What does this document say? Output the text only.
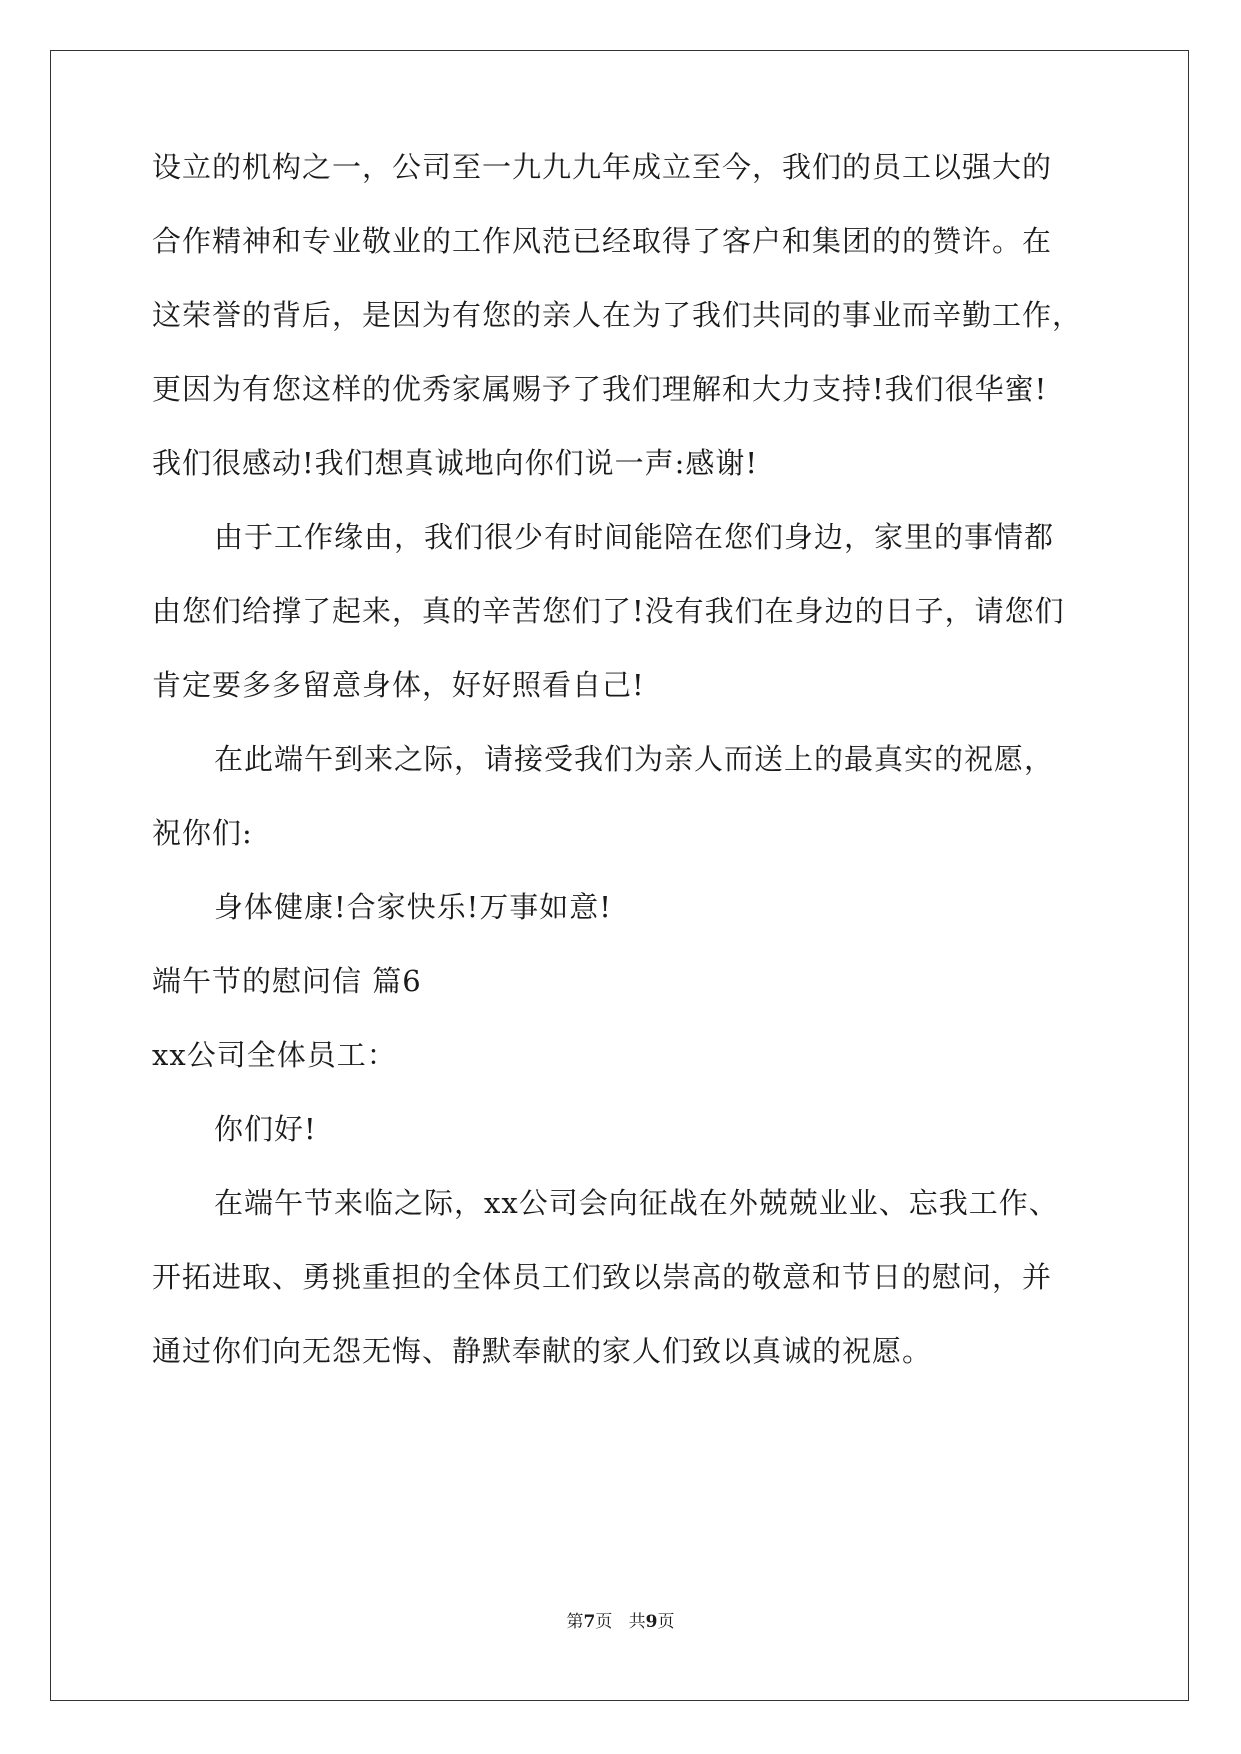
设立的机构之一，公司至一九九九年成立至今，我们的员工以强大的
合作精神和专业敬业的工作风范已经取得了客户和集团的的赞许。在
这荣誉的背后，是因为有您的亲人在为了我们共同的事业而辛勤工作，
更因为有您这样的优秀家属赐予了我们理解和大力支持!我们很华蜜!
我们很感动!我们想真诚地向你们说一声:感谢!
由于工作缘由，我们很少有时间能陪在您们身边，家里的事情都
由您们给撑了起来，真的辛苦您们了!没有我们在身边的日子，请您们
肯定要多多留意身体，好好照看自己!
在此端午到来之际，请接受我们为亲人而送上的最真实的祝愿，
祝你们:
身体健康!合家快乐!万事如意!
端午节的慰问信 篇6
xx公司全体员工：
你们好!
在端午节来临之际，xx公司会向征战在外兢兢业业、忘我工作、
开拓进取、勇挑重担的全体员工们致以崇高的敬意和节日的慰问，并
通过你们向无怨无悔、静默奉献的家人们致以真诚的祝愿。
第7页 共9页
